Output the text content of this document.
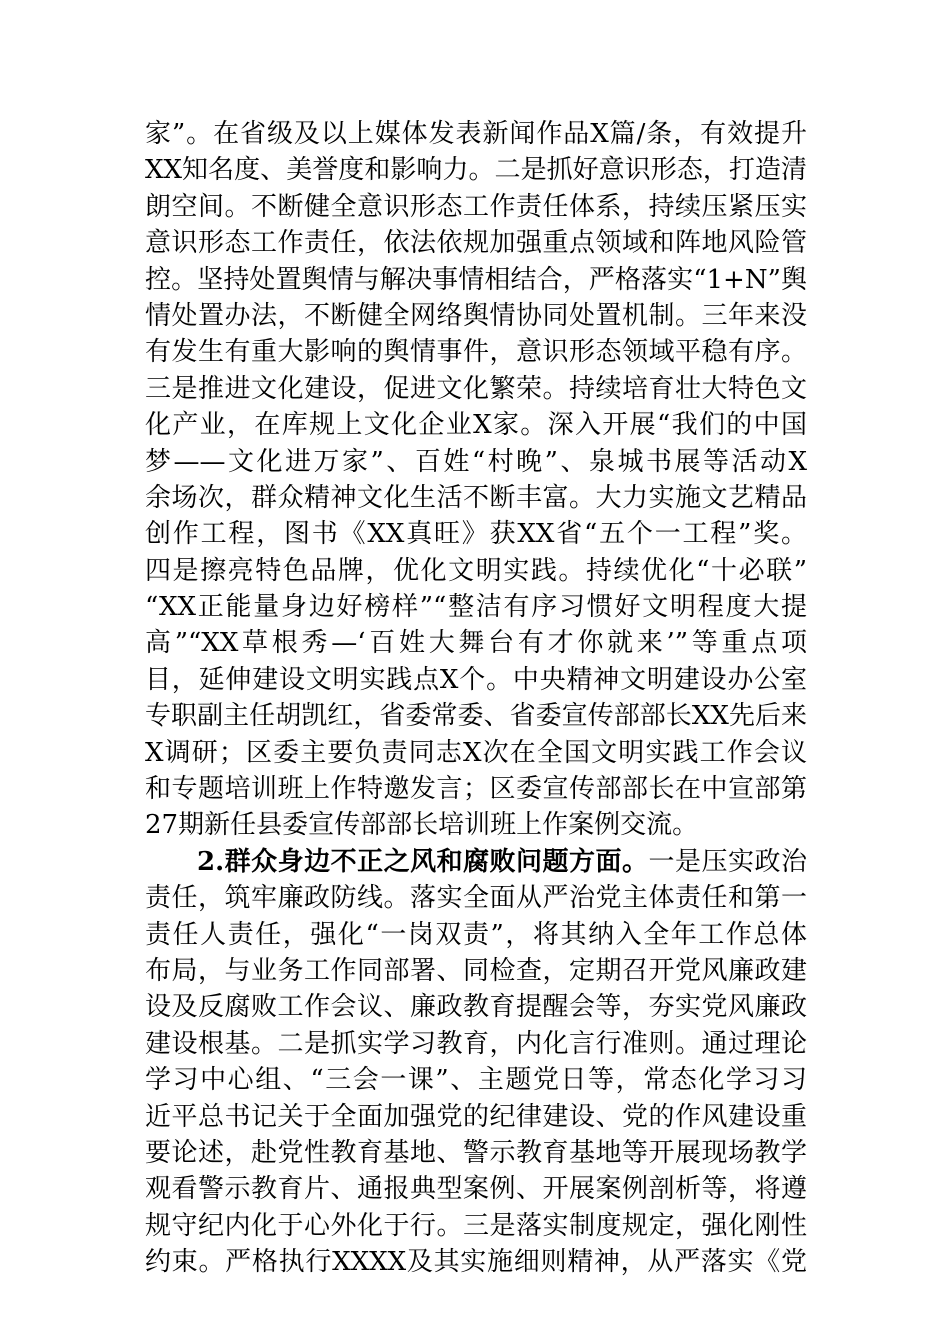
家”。在省级及以上媒体发表新闻作品X篇/条，有效提升
XX知名度、美誉度和影响力。二是抓好意识形态，打造清
朗空间。不断健全意识形态工作责任体系，持续压紧压实
意识形态工作责任，依法依规加强重点领域和阵地风险管
控。坚持处置舆情与解决事情相结合，严格落实“1+N”舆
情处置办法，不断健全网络舆情协同处置机制。三年来没
有发生有重大影响的舆情事件，意识形态领域平稳有序。
三是推进文化建设，促进文化繁荣。持续培育壮大特色文
化产业，在库规上文化企业X家。深入开展“我们的中国
梦——文化进万家”、百姓“村晚”、泉城书展等活动X
余场次，群众精神文化生活不断丰富。大力实施文艺精品
创作工程，图书《XX真旺》获XX省“五个一工程”奖。
四是擦亮特色品牌，优化文明实践。持续优化“十必联”
“XX正能量身边好榜样”“整洁有序习惯好文明程度大提
高”“XX草根秀—‘百姓大舞台有才你就来’”等重点项
目，延伸建设文明实践点X个。中央精神文明建设办公室
专职副主任胡凯红，省委常委、省委宣传部部长XX先后来
X调研；区委主要负责同志X次在全国文明实践工作会议
和专题培训班上作特邀发言；区委宣传部部长在中宣部第
27期新任县委宣传部部长培训班上作案例交流。
2.群众身边不正之风和腐败问题方面。一是压实政治
责任，筑牢廉政防线。落实全面从严治党主体责任和第一
责任人责任，强化“一岗双责”，将其纳入全年工作总体
布局，与业务工作同部署、同检查，定期召开党风廉政建
设及反腐败工作会议、廉政教育提醒会等，夯实党风廉政
建设根基。二是抓实学习教育，内化言行准则。通过理论
学习中心组、“三会一课”、主题党日等，常态化学习习
近平总书记关于全面加强党的纪律建设、党的作风建设重
要论述，赴党性教育基地、警示教育基地等开展现场教学
观看警示教育片、通报典型案例、开展案例剖析等，将遵
规守纪内化于心外化于行。三是落实制度规定，强化刚性
约束。严格执行XXXX及其实施细则精神，从严落实《党
